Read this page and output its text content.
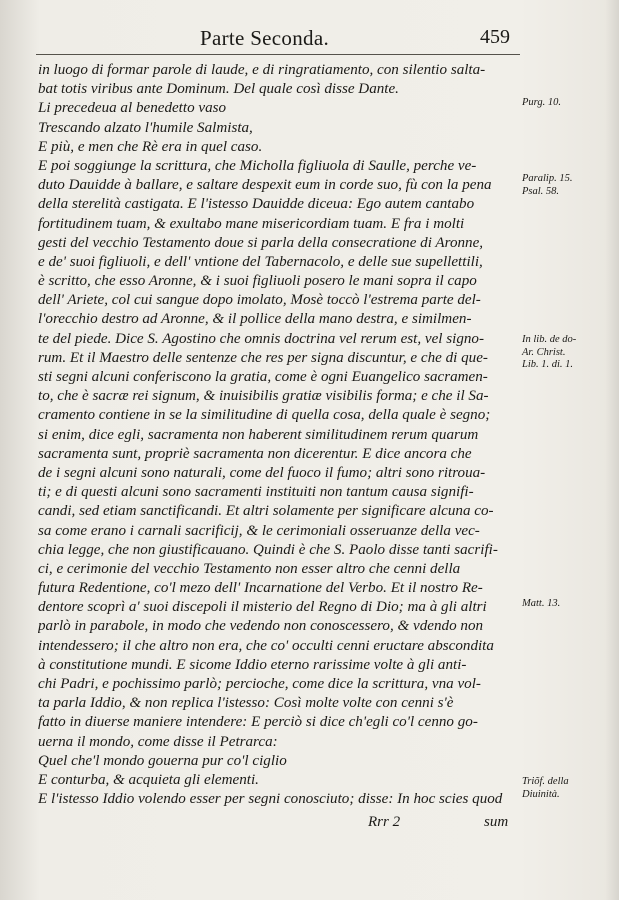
Parte Seconda.	459
in luogo di formar parole di laude, e di ringratiamento, con silentio salta-
bat totis viribus ante Dominum. Del quale così disse Dante.
Li precedeua al benedetto vaso
Trescando alzato l'humile Salmista,
E più, e men che Rè era in quel caso.
E poi soggiunge la scrittura, che Micholla figliuola di Saulle, perche ve-
duto Dauidde à ballare, e saltare despexit eum in corde suo, fù con la pena
della sterelità castigata. E l'istesso Dauidde diceua: Ego autem cantabo
fortitudinem tuam, & exultabo mane misericordiam tuam. E fra i molti
gesti del vecchio Testamento doue si parla della consecratione di Aronne,
e de' suoi figliuoli, e dell' vntione del Tabernacolo, e delle sue supellettili,
è scritto, che esso Aronne, & i suoi figliuoli posero le mani sopra il capo
dell' Ariete, col cui sangue dopo imolato, Mosè toccò l'estrema parte del-
l'orecchio destro ad Aronne, & il pollice della mano destra, e similmen-
te del piede. Dice S. Agostino che omnis doctrina vel rerum est, vel signo-
rum. Et il Maestro delle sentenze che res per signa discuntur, e che di que-
sti segni alcuni conferiscono la gratia, come è ogni Euangelico sacramen-
to, che è sacræ rei signum, & inuisibilis gratiæ visibilis forma; e che il Sa-
cramento contiene in se la similitudine di quella cosa, della quale è segno;
si enim, dice egli, sacramenta non haberent similitudinem rerum quarum
sacramenta sunt, propriè sacramenta non dicerentur. E dice ancora che
de i segni alcuni sono naturali, come del fuoco il fumo; altri sono ritroua-
ti; e di questi alcuni sono sacramenti instituiti non tantum causa signifi-
candi, sed etiam sanctificandi. Et altri solamente per significare alcuna co-
sa come erano i carnali sacrificij, & le cerimoniali osseruanze della vec-
chia legge, che non giustificauano. Quindi è che S. Paolo disse tanti sacrifi-
ci, e cerimonie del vecchio Testamento non esser altro che cenni della
futura Redentione, co'l mezo dell' Incarnatione del Verbo. Et il nostro Re-
dentore scoprì a' suoi discepoli il misterio del Regno di Dio; ma à gli altri
parlò in parabole, in modo che vedendo non conoscessero, & vdendo non
intendessero; il che altro non era, che co' occulti cenni eructare absconditа
à constitutione mundi. E sicome Iddio eterno rarissime volte à gli anti-
chi Padri, e pochissimo parlò; percioche, come dice la scrittura, vna vol-
ta parla Iddio, & non replica l'istesso: Così molte volte con cenni s'è
fatto in diuerse maniere intendere: E perciò si dice ch'egli co'l cenno go-
uerna il mondo, come disse il Petrarca:
Quel che'l mondo gouerna pur co'l ciglio
E conturba, & acquieta gli elementi.
E l'istesso Iddio volendo esser per segni conosciuto; disse: In hoc scies quod
Purg. 10.
Paralip. 15.
Psal. 58.
In lib. de do-
Ar. Christ.
Lib. 1. di. 1.
Matt. 13.
Triõf. della
Diuinità.
Rrr 2	sum
